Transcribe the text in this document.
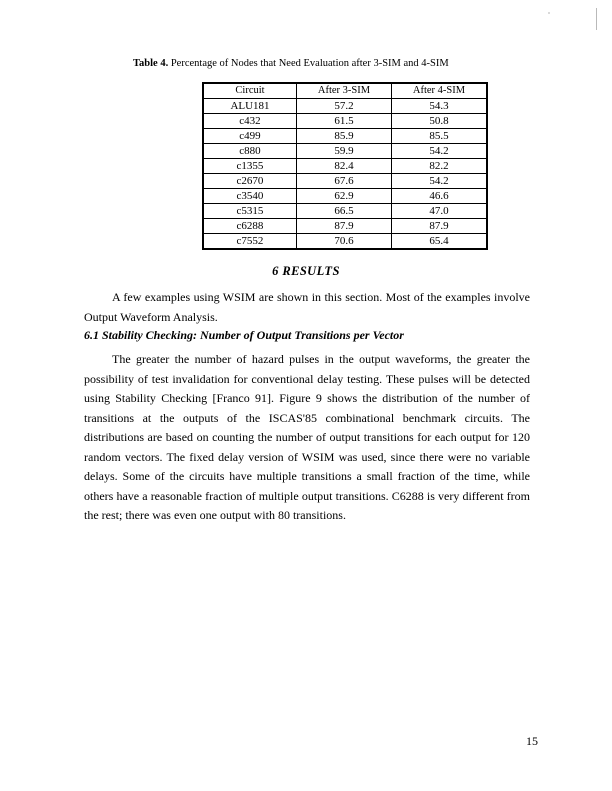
Table 4. Percentage of Nodes that Need Evaluation after 3-SIM and 4-SIM
Circuit	After 3-SIM	After 4-SIM
ALU181	57.2	54.3
c432	61.5	50.8
c499	85.9	85.5
c880	59.9	54.2
c1355	82.4	82.2
c2670	67.6	54.2
c3540	62.9	46.6
c5315	66.5	47.0
c6288	87.9	87.9
c7552	70.6	65.4
6 RESULTS
A few examples using WSIM are shown in this section. Most of the examples involve Output Waveform Analysis.
6.1 Stability Checking: Number of Output Transitions per Vector
The greater the number of hazard pulses in the output waveforms, the greater the possibility of test invalidation for conventional delay testing. These pulses will be detected using Stability Checking [Franco 91]. Figure 9 shows the distribution of the number of transitions at the outputs of the ISCAS'85 combinational benchmark circuits. The distributions are based on counting the number of output transitions for each output for 120 random vectors. The fixed delay version of WSIM was used, since there were no variable delays. Some of the circuits have multiple transitions a small fraction of the time, while others have a reasonable fraction of multiple output transitions. C6288 is very different from the rest; there was even one output with 80 transitions.
15
